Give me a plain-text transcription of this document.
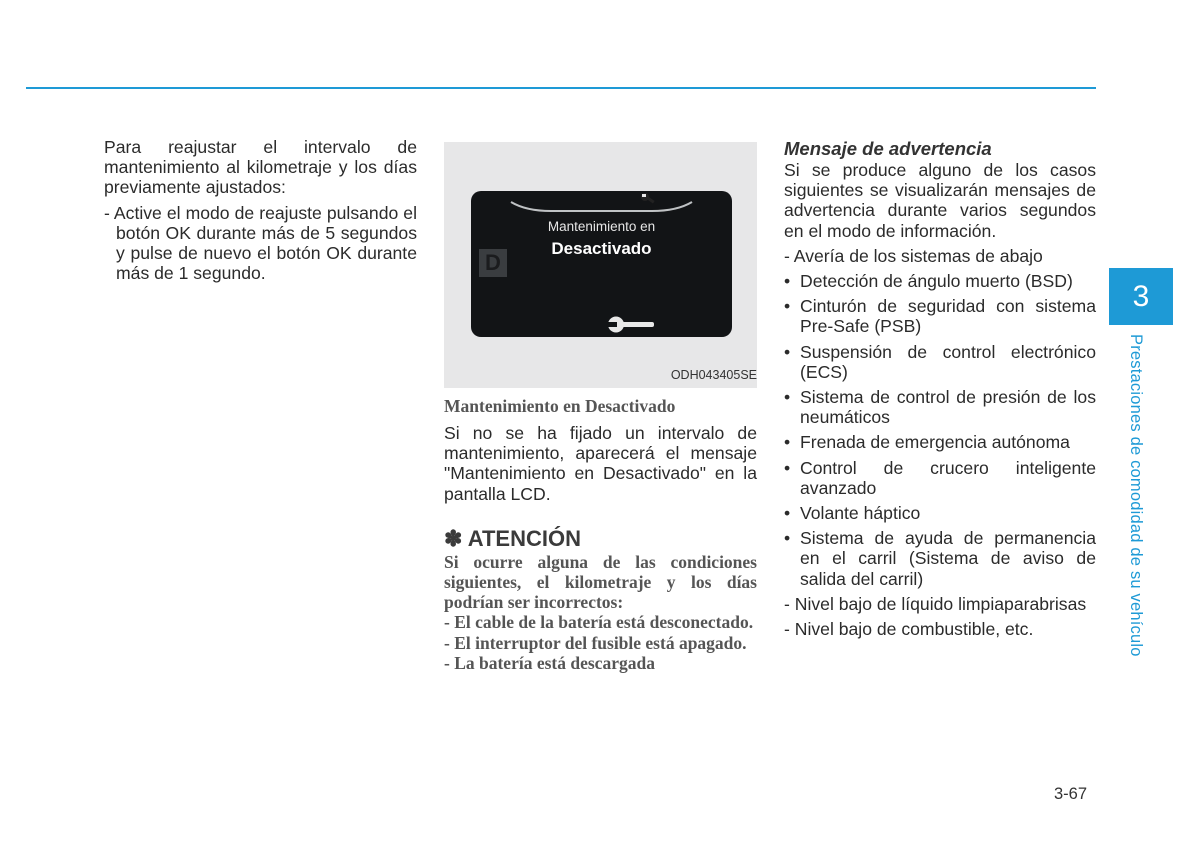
Para reajustar el intervalo de mantenimiento al kilometraje y los días previamente ajustados:

- Active el modo de reajuste pulsando el botón OK durante más de 5 segundos y pulse de nuevo el botón OK durante más de 1 segundo.	D
Mantenimiento en
Desactivado
ODH043405SE
Mantenimiento en Desactivado

Si no se ha fijado un intervalo de mantenimiento, aparecerá el mensaje "Mantenimiento en Desactivado" en la pantalla LCD.

✽ ATENCIÓN

Si ocurre alguna de las condiciones siguientes, el kilometraje y los días podrían ser incorrectos:

- El cable de la batería está desconectado.

- El interruptor del fusible está apagado.

- La batería está descargada

Mensaje de advertencia

Si se produce alguno de los casos siguientes se visualizarán mensajes de advertencia durante varios segundos en el modo de información.

- Avería de los sistemas de abajo

• Detección de ángulo muerto (BSD)
• Cinturón de seguridad con sistema Pre-Safe (PSB)
• Suspensión de control electrónico (ECS)
• Sistema de control de presión de los neumáticos
• Frenada de emergencia autónoma
• Control de crucero inteligente avanzado
• Volante háptico
• Sistema de ayuda de permanencia en el carril (Sistema de aviso de salida del carril)

- Nivel bajo de líquido limpiaparabrisas

- Nivel bajo de combustible, etc.

3
Prestaciones de comodidad de su vehículo
3-67
